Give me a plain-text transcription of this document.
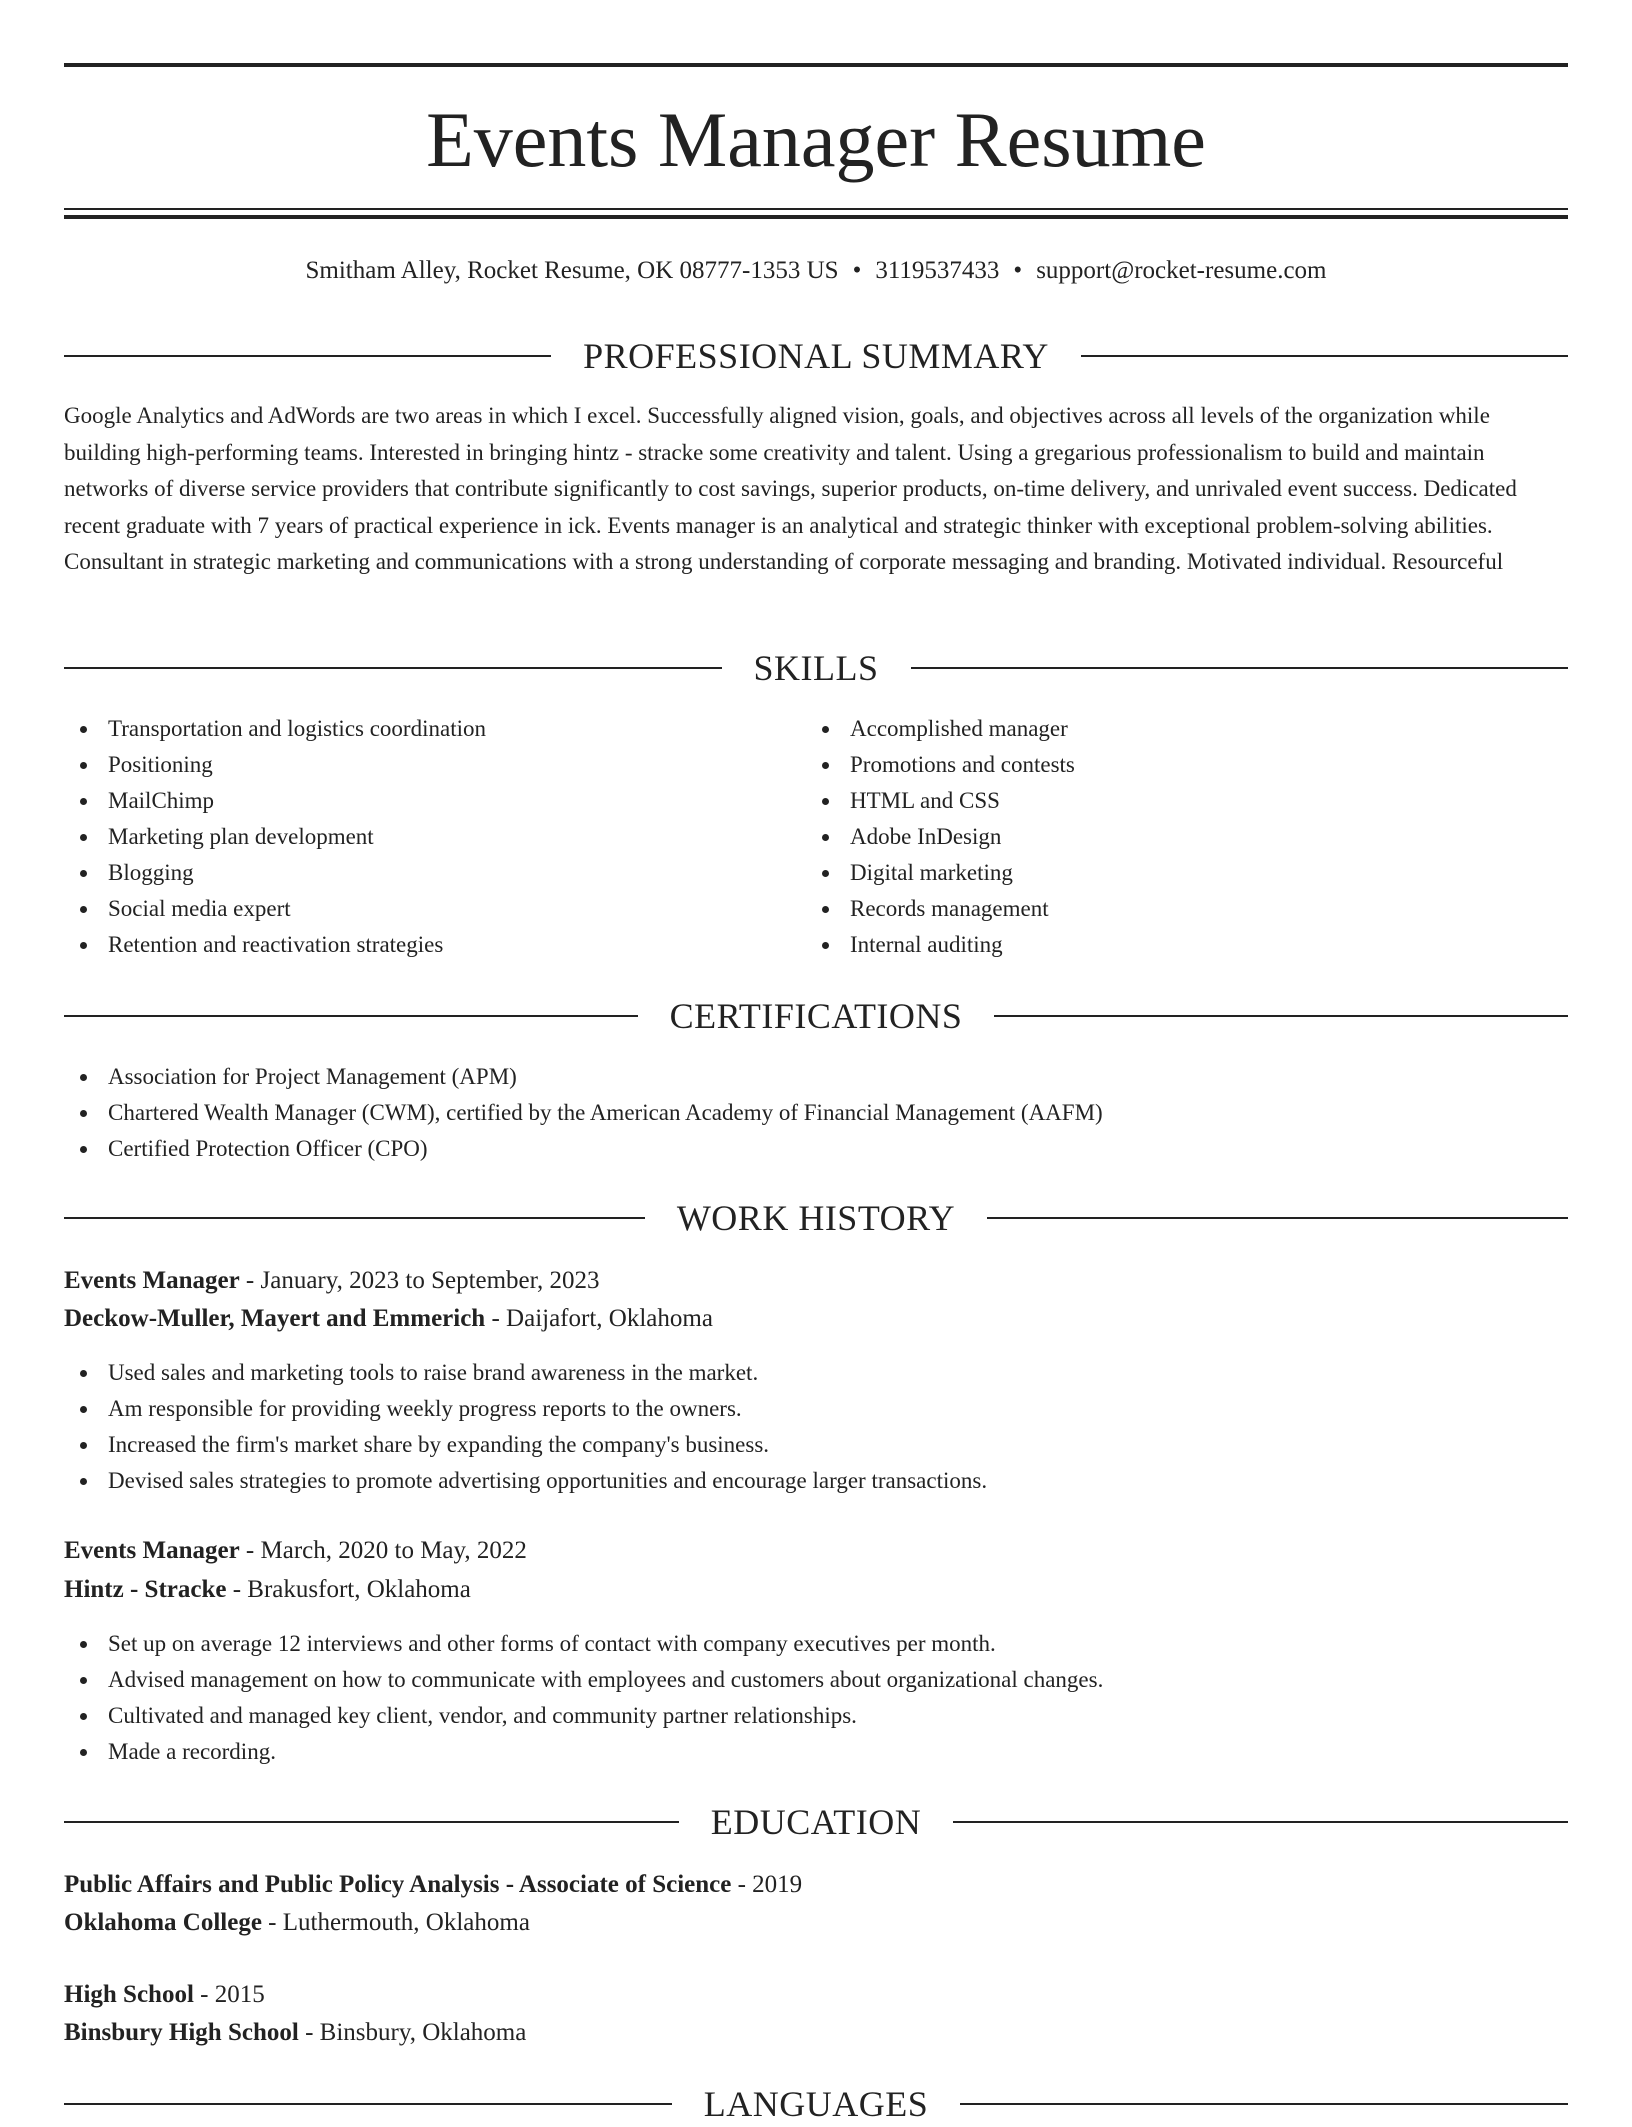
Events Manager Resume
Smitham Alley, Rocket Resume, OK 08777-1353 US • 3119537433 • support@rocket-resume.com
PROFESSIONAL SUMMARY

Google Analytics and AdWords are two areas in which I excel. Successfully aligned vision, goals, and objectives across all levels of the organization while building high-performing teams. Interested in bringing hintz - stracke some creativity and talent. Using a gregarious professionalism to build and maintain networks of diverse service providers that contribute significantly to cost savings, superior products, on-time delivery, and unrivaled event success. Dedicated recent graduate with 7 years of practical experience in ick. Events manager is an analytical and strategic thinker with exceptional problem-solving abilities. Consultant in strategic marketing and communications with a strong understanding of corporate messaging and branding. Motivated individual. Resourceful

SKILLS
Transportation and logistics coordination
Positioning
MailChimp
Marketing plan development
Blogging
Social media expert
Retention and reactivation strategies
Accomplished manager
Promotions and contests
HTML and CSS
Adobe InDesign
Digital marketing
Records management
Internal auditing
CERTIFICATIONS
Association for Project Management (APM)
Chartered Wealth Manager (CWM), certified by the American Academy of Financial Management (AAFM)
Certified Protection Officer (CPO)
WORK HISTORY
Events Manager - January, 2023 to September, 2023
Deckow-Muller, Mayert and Emmerich - Daijafort, Oklahoma
Used sales and marketing tools to raise brand awareness in the market.
Am responsible for providing weekly progress reports to the owners.
Increased the firm's market share by expanding the company's business.
Devised sales strategies to promote advertising opportunities and encourage larger transactions.
Events Manager - March, 2020 to May, 2022
Hintz - Stracke - Brakusfort, Oklahoma
Set up on average 12 interviews and other forms of contact with company executives per month.
Advised management on how to communicate with employees and customers about organizational changes.
Cultivated and managed key client, vendor, and community partner relationships.
Made a recording.
EDUCATION
Public Affairs and Public Policy Analysis - Associate of Science - 2019
Oklahoma College - Luthermouth, Oklahoma
High School - 2015
Binsbury High School - Binsbury, Oklahoma
LANGUAGES
